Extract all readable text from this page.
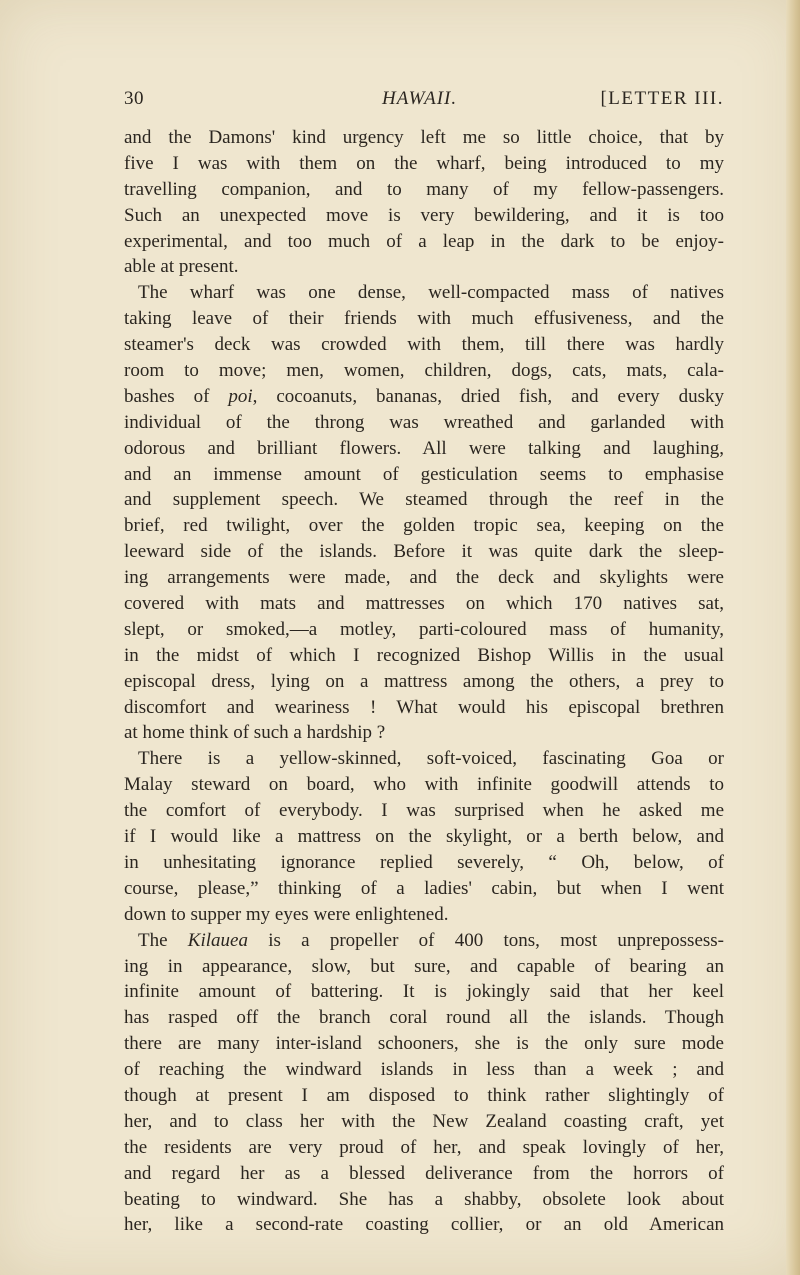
30	HAWAII.	[LETTER III.
and the Damons' kind urgency left me so little choice, that by
five I was with them on the wharf, being introduced to my
travelling companion, and to many of my fellow-passengers.
Such an unexpected move is very bewildering, and it is too
experimental, and too much of a leap in the dark to be enjoy-
able at present.
The wharf was one dense, well-compacted mass of natives
taking leave of their friends with much effusiveness, and the
steamer's deck was crowded with them, till there was hardly
room to move; men, women, children, dogs, cats, mats, cala-
bashes of poi, cocoanuts, bananas, dried fish, and every dusky
individual of the throng was wreathed and garlanded with
odorous and brilliant flowers. All were talking and laughing,
and an immense amount of gesticulation seems to emphasise
and supplement speech. We steamed through the reef in the
brief, red twilight, over the golden tropic sea, keeping on the
leeward side of the islands. Before it was quite dark the sleep-
ing arrangements were made, and the deck and skylights were
covered with mats and mattresses on which 170 natives sat,
slept, or smoked,—a motley, parti-coloured mass of humanity,
in the midst of which I recognized Bishop Willis in the usual
episcopal dress, lying on a mattress among the others, a prey to
discomfort and weariness ! What would his episcopal brethren
at home think of such a hardship ?
There is a yellow-skinned, soft-voiced, fascinating Goa or
Malay steward on board, who with infinite goodwill attends to
the comfort of everybody. I was surprised when he asked me
if I would like a mattress on the skylight, or a berth below, and
in unhesitating ignorance replied severely, “ Oh, below, of
course, please,” thinking of a ladies' cabin, but when I went
down to supper my eyes were enlightened.
The Kilauea is a propeller of 400 tons, most unprepossess-
ing in appearance, slow, but sure, and capable of bearing an
infinite amount of battering. It is jokingly said that her keel
has rasped off the branch coral round all the islands. Though
there are many inter-island schooners, she is the only sure mode
of reaching the windward islands in less than a week ; and
though at present I am disposed to think rather slightingly of
her, and to class her with the New Zealand coasting craft, yet
the residents are very proud of her, and speak lovingly of her,
and regard her as a blessed deliverance from the horrors of
beating to windward. She has a shabby, obsolete look about
her, like a second-rate coasting collier, or an old American
